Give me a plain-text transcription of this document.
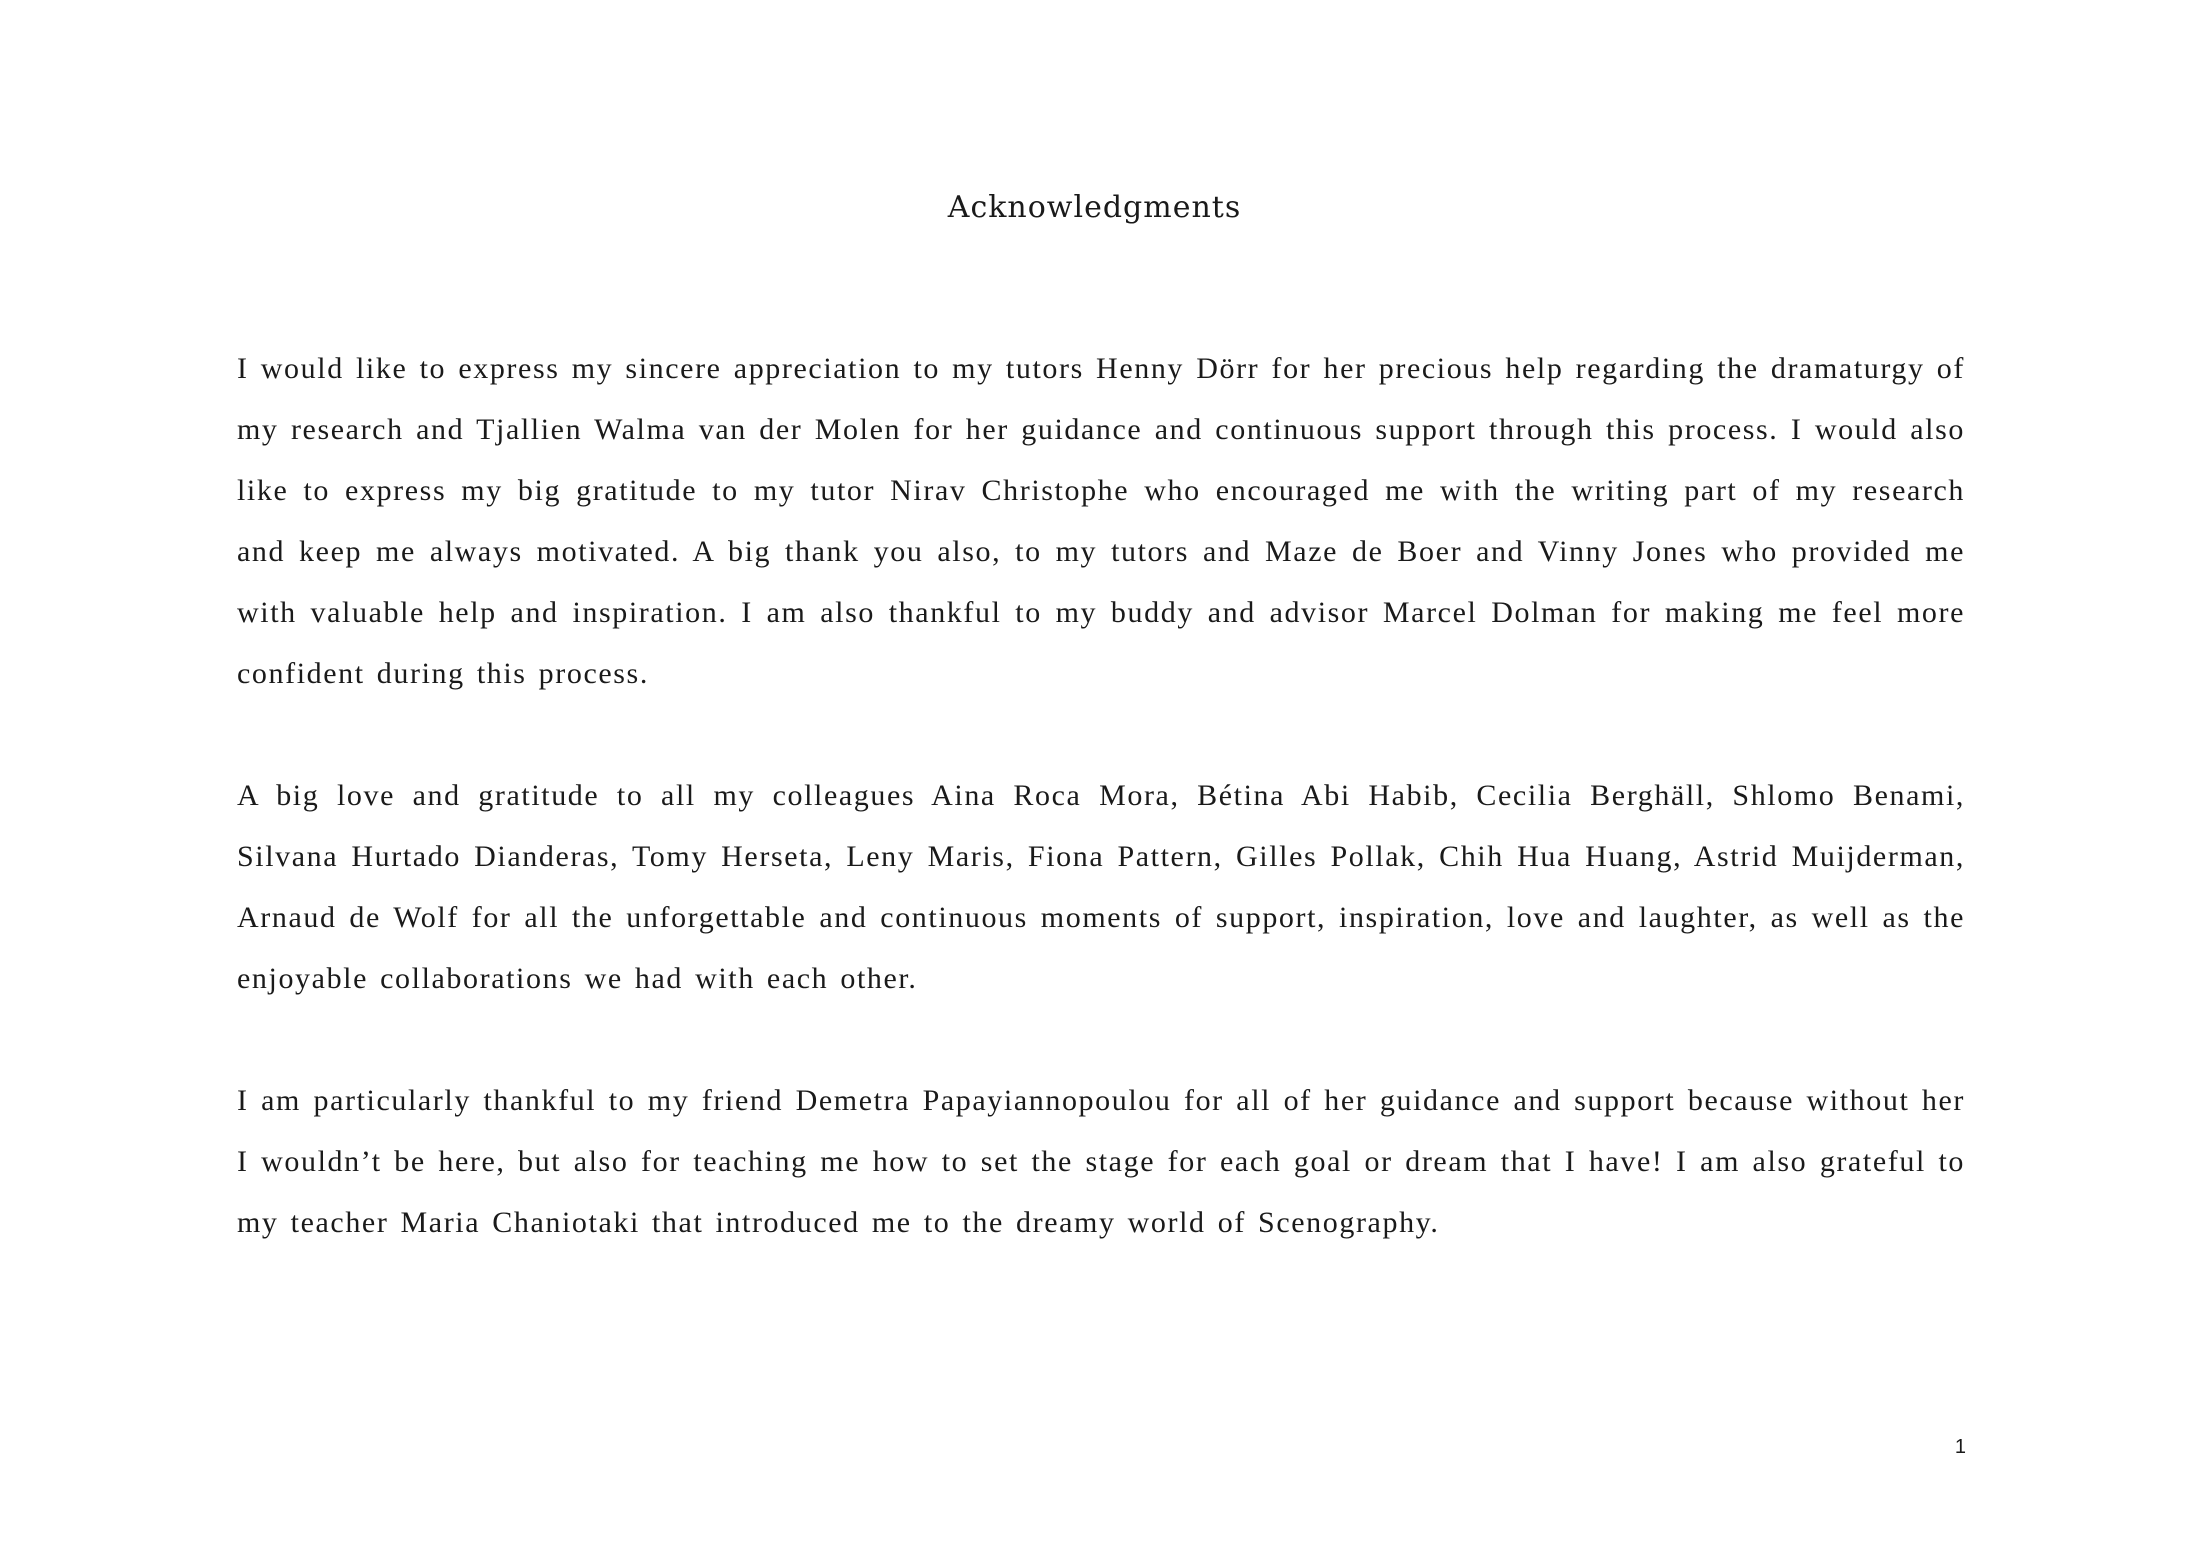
Acknowledgments

I would like to express my sincere appreciation to my tutors Henny Dörr for her precious help regarding the dramaturgy of my research and Tjallien Walma van der Molen for her guidance and continuous support through this process. I would also like to express my big gratitude to my tutor Nirav Christophe who encouraged me with the writing part of my research and keep me always motivated. A big thank you also, to my tutors and Maze de Boer and Vinny Jones who provided me with valuable help and inspiration. I am also thankful to my buddy and advisor Marcel Dolman for making me feel more confident during this process.

A big love and gratitude to all my colleagues Aina Roca Mora, Bétina Abi Habib, Cecilia Berghäll, Shlomo Benami, Silvana Hurtado Dianderas, Tomy Herseta, Leny Maris, Fiona Pattern, Gilles Pollak, Chih Hua Huang, Astrid Muijderman, Arnaud de Wolf for all the unforgettable and continuous moments of support, inspiration, love and laughter, as well as the enjoyable collaborations we had with each other.

I am particularly thankful to my friend Demetra Papayiannopoulou for all of her guidance and support because without her I wouldn’t be here, but also for teaching me how to set the stage for each goal or dream that I have! I am also grateful to my teacher Maria Chaniotaki that introduced me to the dreamy world of Scenography.

1
